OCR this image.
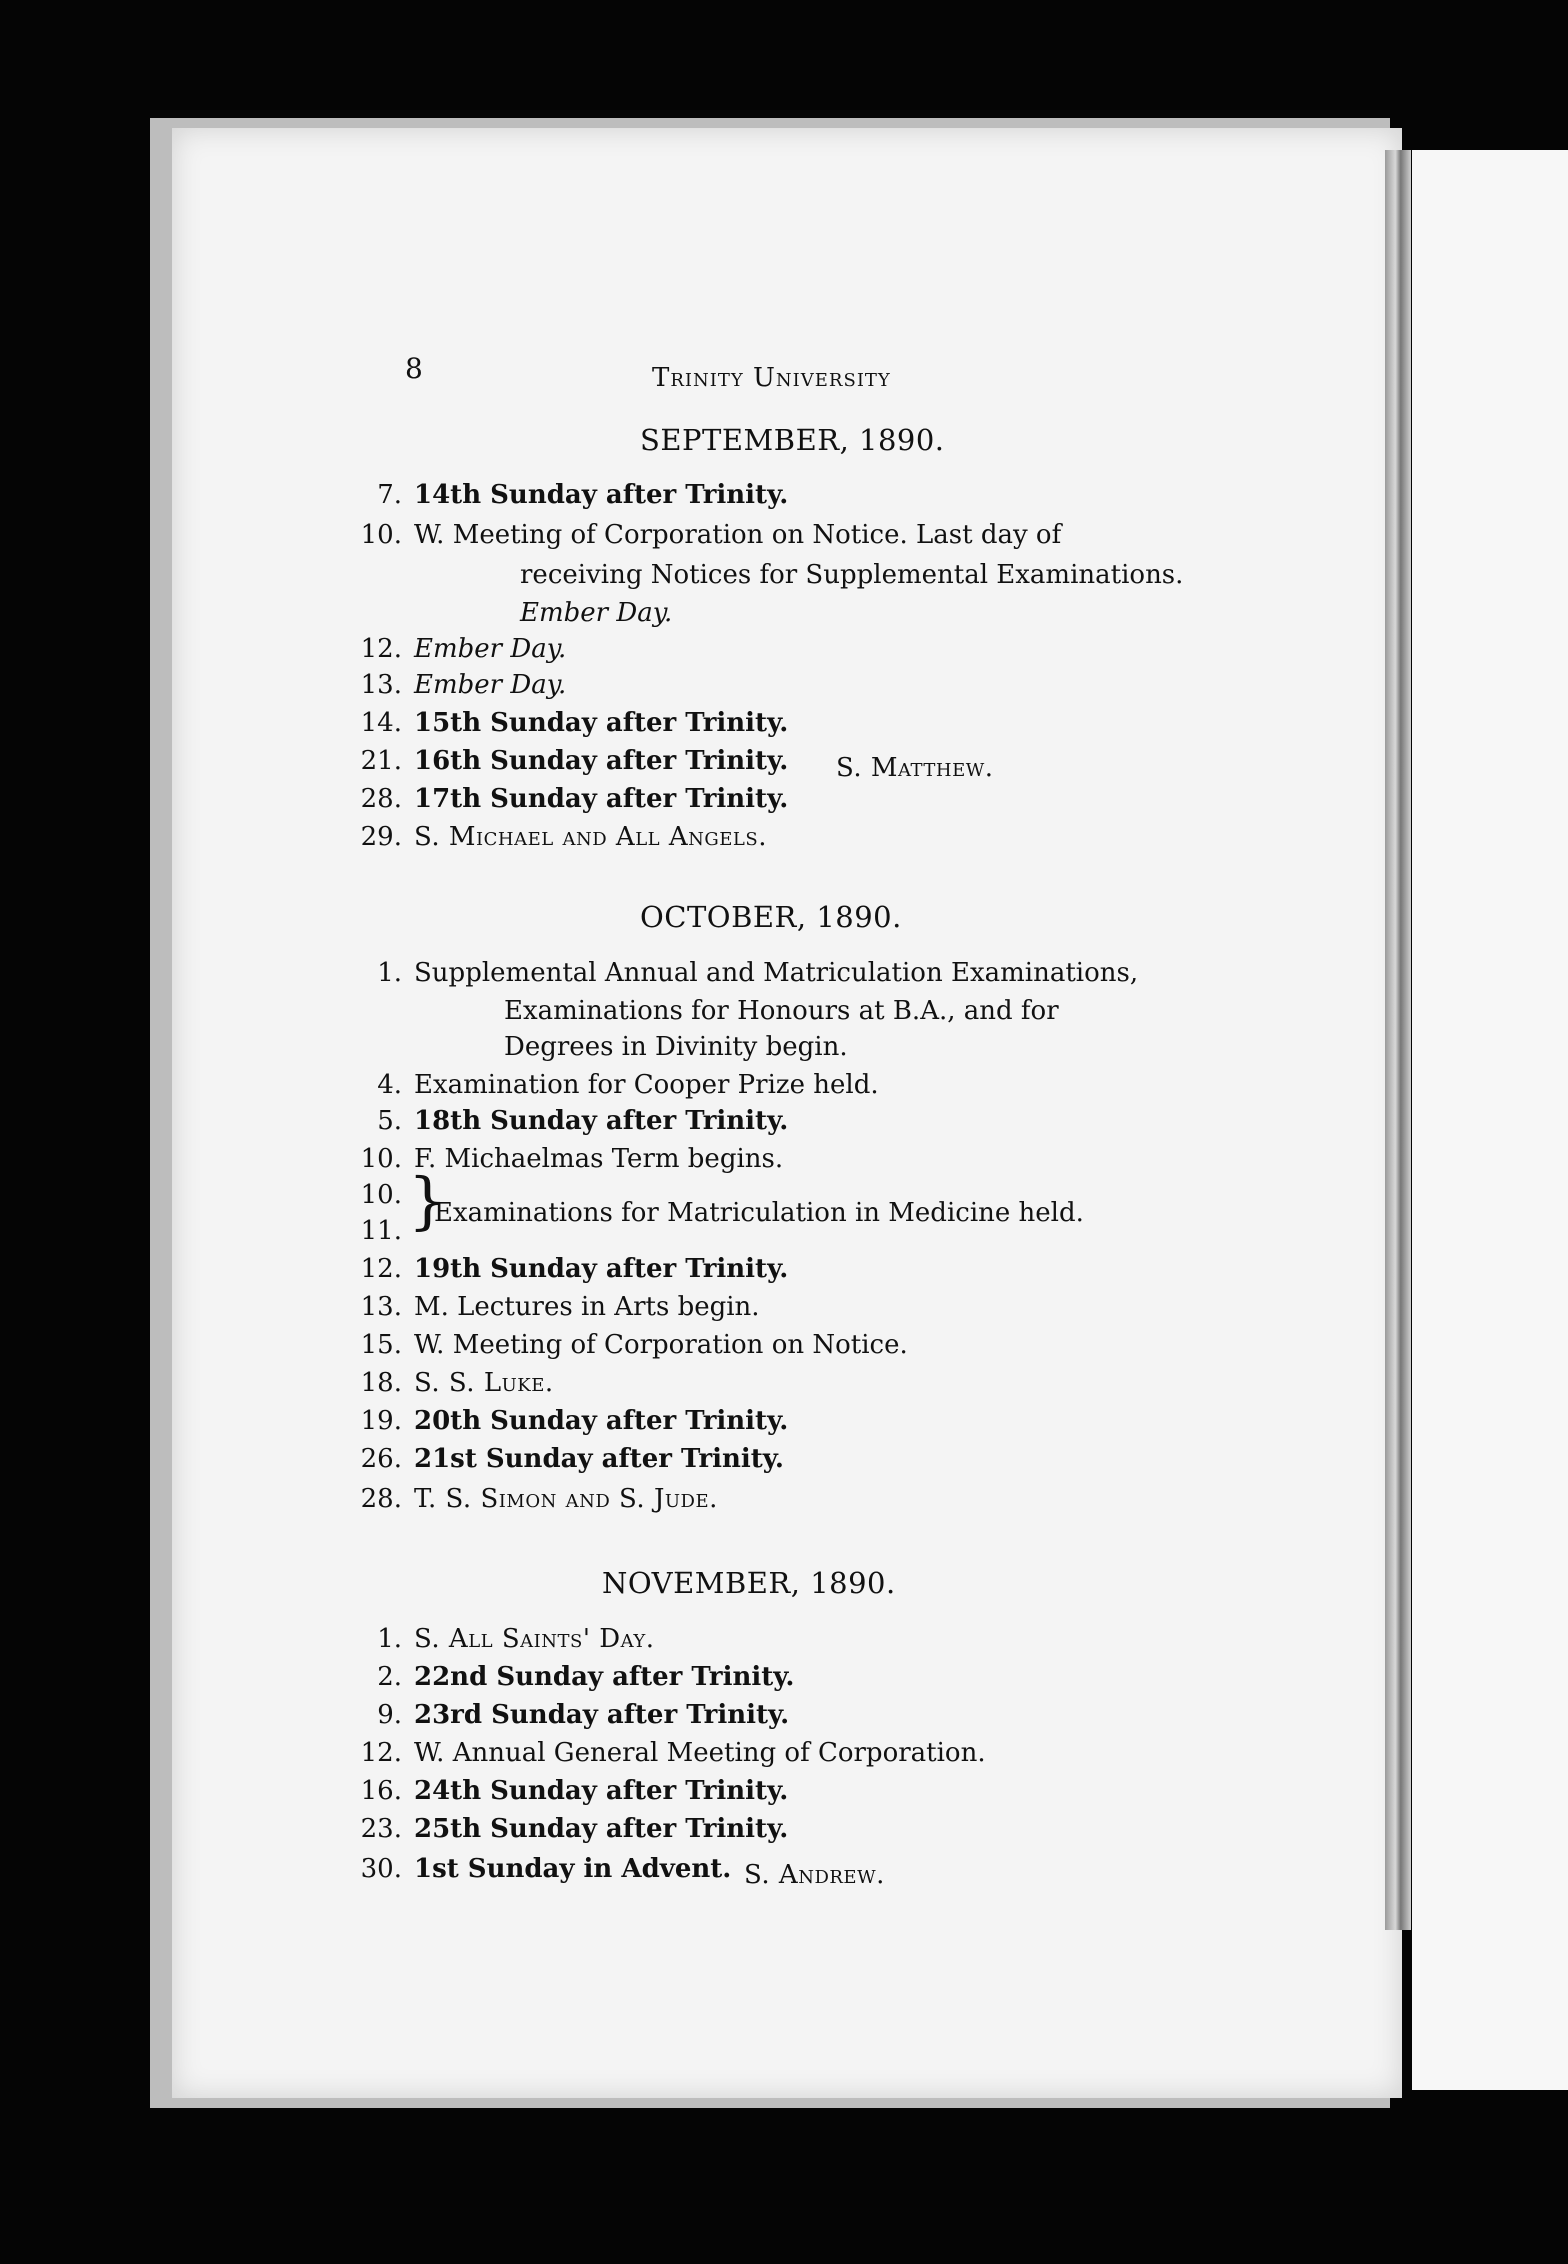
8	Trinity University
SEPTEMBER, 1890.
7. 14th Sunday after Trinity.
10. W. Meeting of Corporation on Notice. Last day of
receiving Notices for Supplemental Examinations.
Ember Day.
12. Ember Day.
13. Ember Day.
14. 15th Sunday after Trinity.
21. 16th Sunday after Trinity. S. Matthew.
28. 17th Sunday after Trinity.
29. S. Michael and All Angels.
OCTOBER, 1890.
1. Supplemental Annual and Matriculation Examinations,
Examinations for Honours at B.A., and for
Degrees in Divinity begin.
4. Examination for Cooper Prize held.
5. 18th Sunday after Trinity.
10. F. Michaelmas Term begins.
10.
11. }
Examinations for Matriculation in Medicine held.
12. 19th Sunday after Trinity.
13. M. Lectures in Arts begin.
15. W. Meeting of Corporation on Notice.
18. S. S. Luke.
19. 20th Sunday after Trinity.
26. 21st Sunday after Trinity.
28. T. S. Simon and S. Jude.
NOVEMBER, 1890.
1. S. All Saints' Day.
2. 22nd Sunday after Trinity.
9. 23rd Sunday after Trinity.
12. W. Annual General Meeting of Corporation.
16. 24th Sunday after Trinity.
23. 25th Sunday after Trinity.
30. 1st Sunday in Advent. S. Andrew.
